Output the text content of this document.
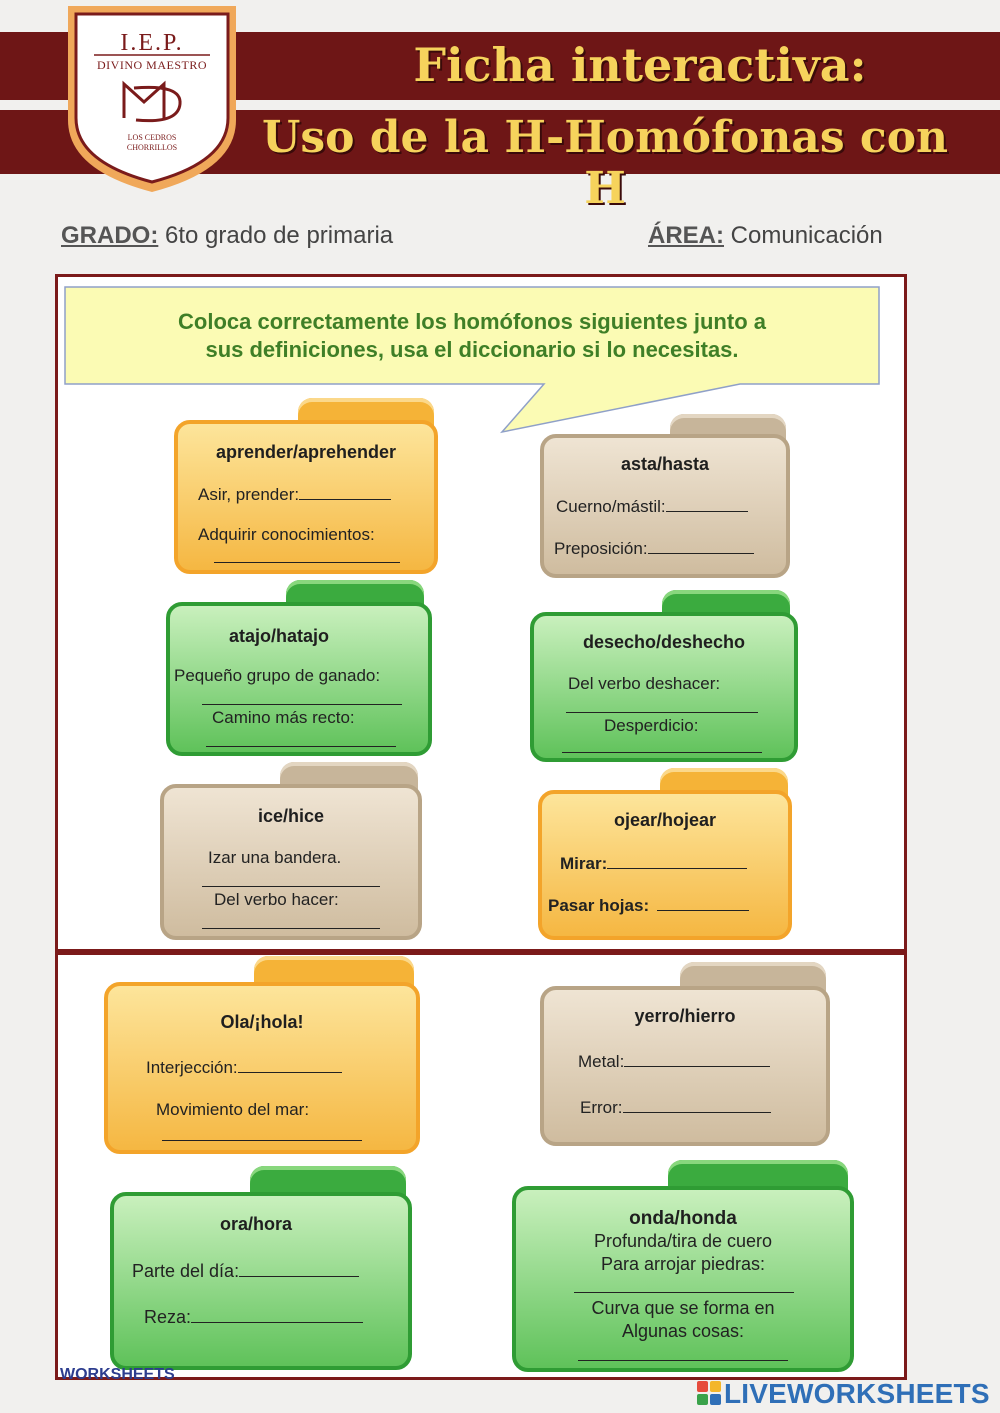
Ficha interactiva:
Uso de la H-Homófonas con H
I.E.P.
DIVINO MAESTRO
LOS CEDROS
CHORRILLOS
GRADO: 6to grado de primaria	ÁREA: Comunicación
Coloca correctamente los homófonos siguientes junto a
sus definiciones, usa el diccionario si lo necesitas.
aprender/aprehender
Asir, prender:
Adquirir conocimientos:
asta/hasta
Cuerno/mástil:
Preposición:
atajo/hatajo
Pequeño grupo de ganado:
Camino más recto:
desecho/deshecho
Del verbo deshacer:
Desperdicio:
ice/hice
Izar una bandera.
Del verbo hacer:
ojear/hojear
Mirar:
Pasar hojas:
Ola/¡hola!
Interjección:
Movimiento del mar:
yerro/hierro
Metal:
Error:
ora/hora
Parte del día:
Reza:
onda/honda
Profunda/tira de cuero
Para arrojar piedras:
Curva que se forma en
Algunas cosas:
WORKSHEETS
LIVEWORKSHEETS
